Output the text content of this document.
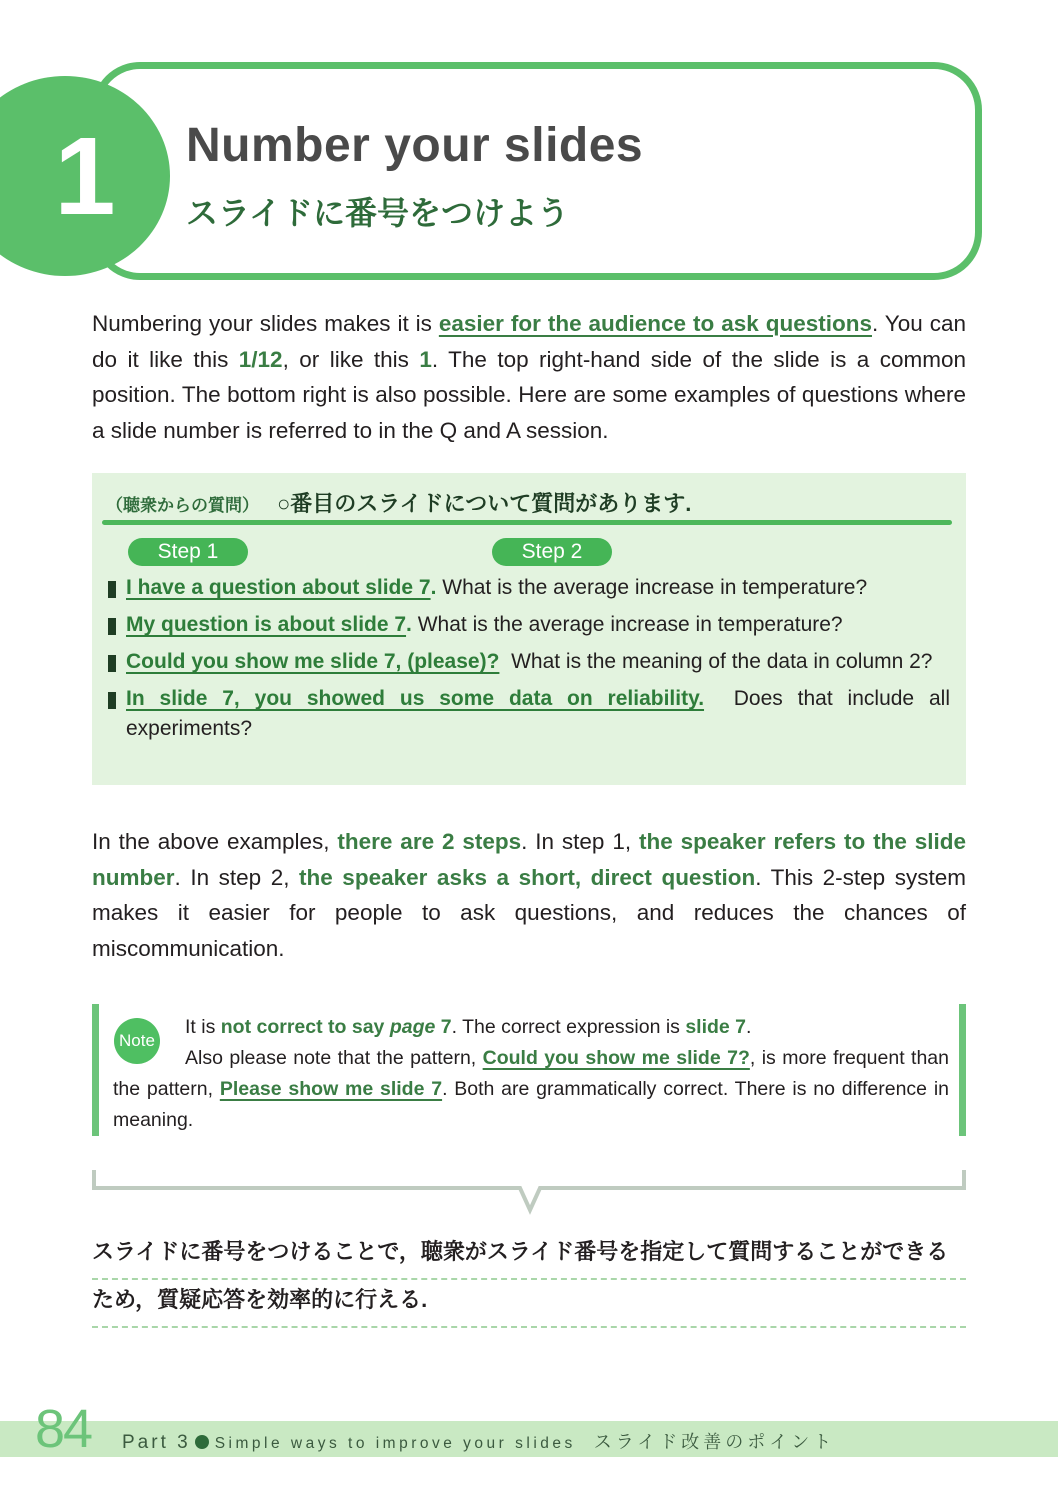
1 Number your slides
スライドに番号をつけよう
Numbering your slides makes it is easier for the audience to ask questions. You can do it like this 1/12, or like this 1. The top right-hand side of the slide is a common position. The bottom right is also possible. Here are some examples of questions where a slide number is referred to in the Q and A session.
（聴衆からの質問） ○番目のスライドについて質問があります.
Step 1	Step 2
I have a question about slide 7. What is the average increase in temperature?
My question is about slide 7. What is the average increase in temperature?
Could you show me slide 7, (please)?  What is the meaning of the data in column 2?
In slide 7, you showed us some data on reliability.  Does that include all experiments?
In the above examples, there are 2 steps. In step 1, the speaker refers to the slide number. In step 2, the speaker asks a short, direct question. This 2-step system makes it easier for people to ask questions, and reduces the chances of miscommunication.
Note
It is not correct to say page 7. The correct expression is slide 7.
Also please note that the pattern, Could you show me slide 7?, is more frequent than the pattern, Please show me slide 7. Both are grammatically correct. There is no difference in meaning.
スライドに番号をつけることで，聴衆がスライド番号を指定して質問することができる
ため，質疑応答を効率的に行える.
84 Part 3 Simple ways to improve your slides スライド改善のポイント
